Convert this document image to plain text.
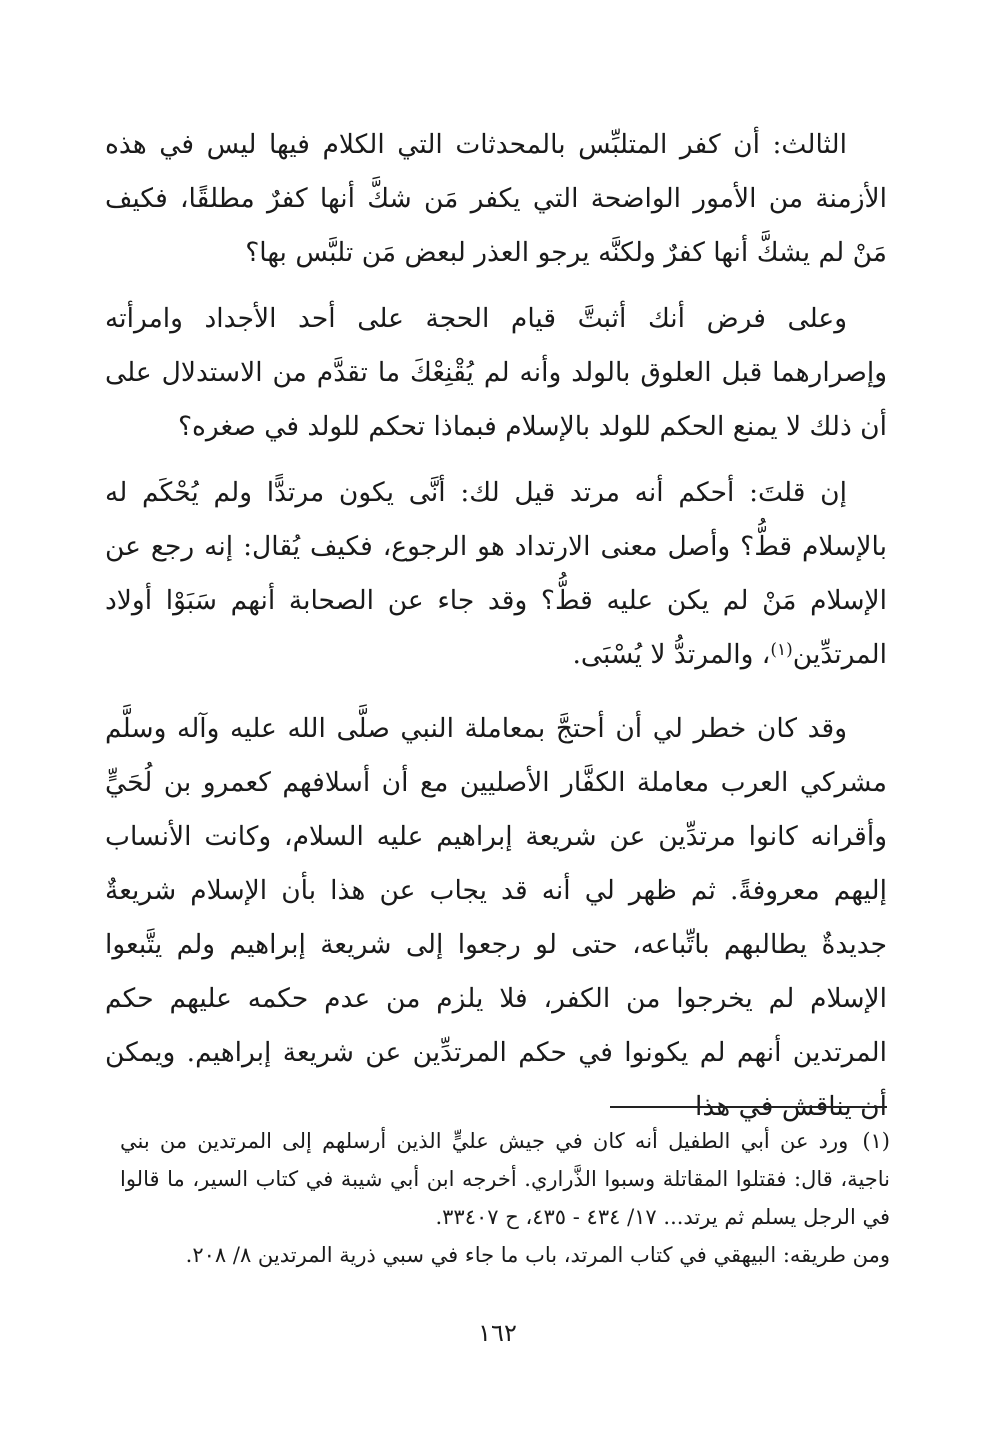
الثالث: أن كفر المتلبِّس بالمحدثات التي الكلام فيها ليس في هذه الأزمنة من الأمور الواضحة التي يكفر مَن شكَّ أنها كفرٌ مطلقًا، فكيف مَنْ لم يشكَّ أنها كفرٌ ولكنَّه يرجو العذر لبعض مَن تلبَّس بها؟

وعلى فرض أنك أثبتَّ قيام الحجة على أحد الأجداد وامرأته وإصرارهما قبل العلوق بالولد وأنه لم يُقْنِعْكَ ما تقدَّم من الاستدلال على أن ذلك لا يمنع الحكم للولد بالإسلام فبماذا تحكم للولد في صغره؟

إن قلتَ: أحكم أنه مرتد قيل لك: أنَّى يكون مرتدًّا ولم يُحْكَم له بالإسلام قطُّ؟ وأصل معنى الارتداد هو الرجوع، فكيف يُقال: إنه رجع عن الإسلام مَنْ لم يكن عليه قطُّ؟ وقد جاء عن الصحابة أنهم سَبَوْا أولاد المرتدِّين$^{(١)}$، والمرتدُّ لا يُسْبَى.

وقد كان خطر لي أن أحتجَّ بمعاملة النبي صلَّى الله عليه وآله وسلَّم مشركي العرب معاملة الكفَّار الأصليين مع أن أسلافهم كعمرو بن لُحَيٍّ وأقرانه كانوا مرتدِّين عن شريعة إبراهيم عليه السلام، وكانت الأنساب إليهم معروفةً. ثم ظهر لي أنه قد يجاب عن هذا بأن الإسلام شريعةٌ جديدةٌ يطالبهم باتِّباعه، حتى لو رجعوا إلى شريعة إبراهيم ولم يتَّبعوا الإسلام لم يخرجوا من الكفر، فلا يلزم من عدم حكمه عليهم حكم المرتدين أنهم لم يكونوا في حكم المرتدِّين عن شريعة إبراهيم. ويمكن أن يناقش في هذا

(١)ورد عن أبي الطفيل أنه كان في جيش عليٍّ الذين أرسلهم إلى المرتدين من بني ناجية، قال: فقتلوا المقاتلة وسبوا الذَّراري. أخرجه ابن أبي شيبة في كتاب السير، ما قالوا في الرجل يسلم ثم يرتد... ١٧/ ٤٣٤ - ٤٣٥، ح ٣٣٤٠٧.

ومن طريقه: البيهقي في كتاب المرتد، باب ما جاء في سبي ذرية المرتدين ٨/ ٢٠٨.

١٦٢
